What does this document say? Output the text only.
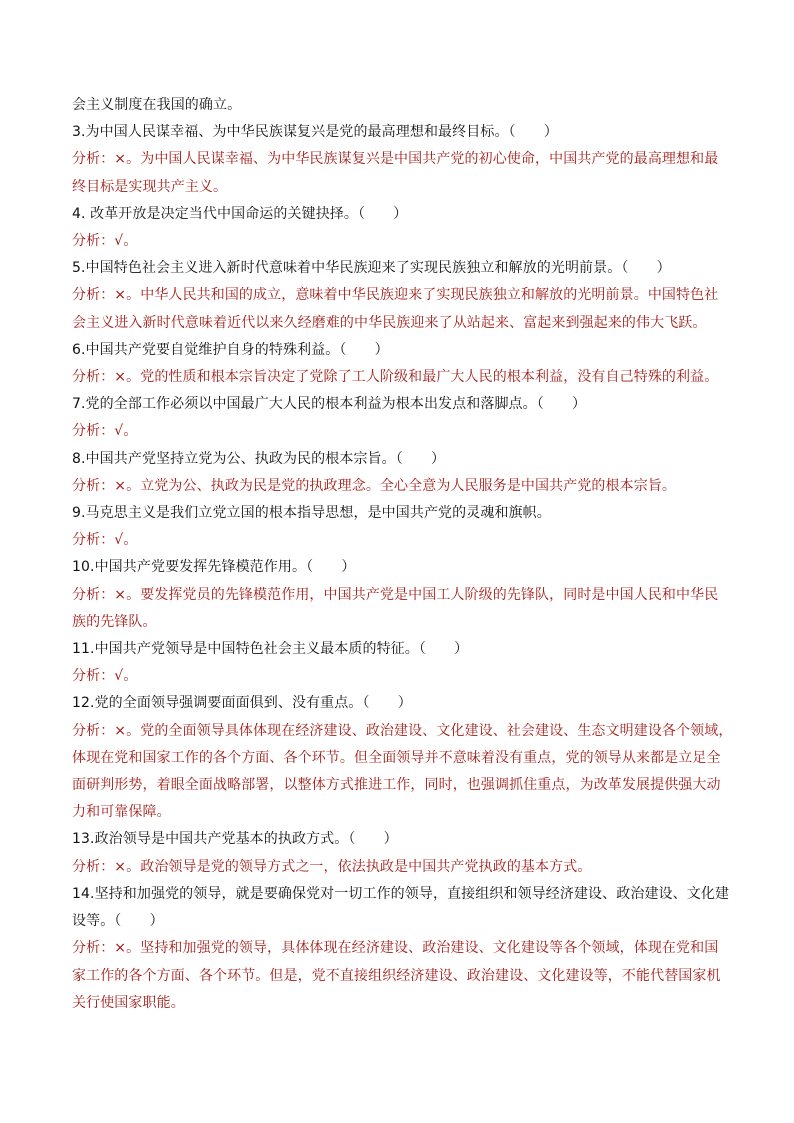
会主义制度在我国的确立。
3.为中国人民谋幸福、为中华民族谋复兴是党的最高理想和最终目标。（　　）
分析：×。为中国人民谋幸福、为中华民族谋复兴是中国共产党的初心使命，中国共产党的最高理想和最
终目标是实现共产主义。
4. 改革开放是决定当代中国命运的关键抉择。（　　）
分析：√。
5.中国特色社会主义进入新时代意味着中华民族迎来了实现民族独立和解放的光明前景。（　　）
分析：×。中华人民共和国的成立，意味着中华民族迎来了实现民族独立和解放的光明前景。中国特色社
会主义进入新时代意味着近代以来久经磨难的中华民族迎来了从站起来、富起来到强起来的伟大飞跃。
6.中国共产党要自觉维护自身的特殊利益。（　　）
分析：×。党的性质和根本宗旨决定了党除了工人阶级和最广大人民的根本利益，没有自己特殊的利益。
7.党的全部工作必须以中国最广大人民的根本利益为根本出发点和落脚点。（　　）
分析：√。
8.中国共产党坚持立党为公、执政为民的根本宗旨。（　　）
分析：×。立党为公、执政为民是党的执政理念。全心全意为人民服务是中国共产党的根本宗旨。
9.马克思主义是我们立党立国的根本指导思想，是中国共产党的灵魂和旗帜。
分析：√。
10.中国共产党要发挥先锋模范作用。（　　）
分析：×。要发挥党员的先锋模范作用，中国共产党是中国工人阶级的先锋队，同时是中国人民和中华民
族的先锋队。
11.中国共产党领导是中国特色社会主义最本质的特征。（　　）
分析：√。
12.党的全面领导强调要面面俱到、没有重点。（　　）
分析：×。党的全面领导具体体现在经济建设、政治建设、文化建设、社会建设、生态文明建设各个领域，
体现在党和国家工作的各个方面、各个环节。但全面领导并不意味着没有重点，党的领导从来都是立足全
面研判形势，着眼全面战略部署，以整体方式推进工作，同时，也强调抓住重点，为改革发展提供强大动
力和可靠保障。
13.政治领导是中国共产党基本的执政方式。（　　）
分析：×。政治领导是党的领导方式之一，依法执政是中国共产党执政的基本方式。
14.坚持和加强党的领导，就是要确保党对一切工作的领导，直接组织和领导经济建设、政治建设、文化建
设等。（　　）
分析：×。坚持和加强党的领导，具体体现在经济建设、政治建设、文化建设等各个领域，体现在党和国
家工作的各个方面、各个环节。但是，党不直接组织经济建设、政治建设、文化建设等，不能代替国家机
关行使国家职能。
